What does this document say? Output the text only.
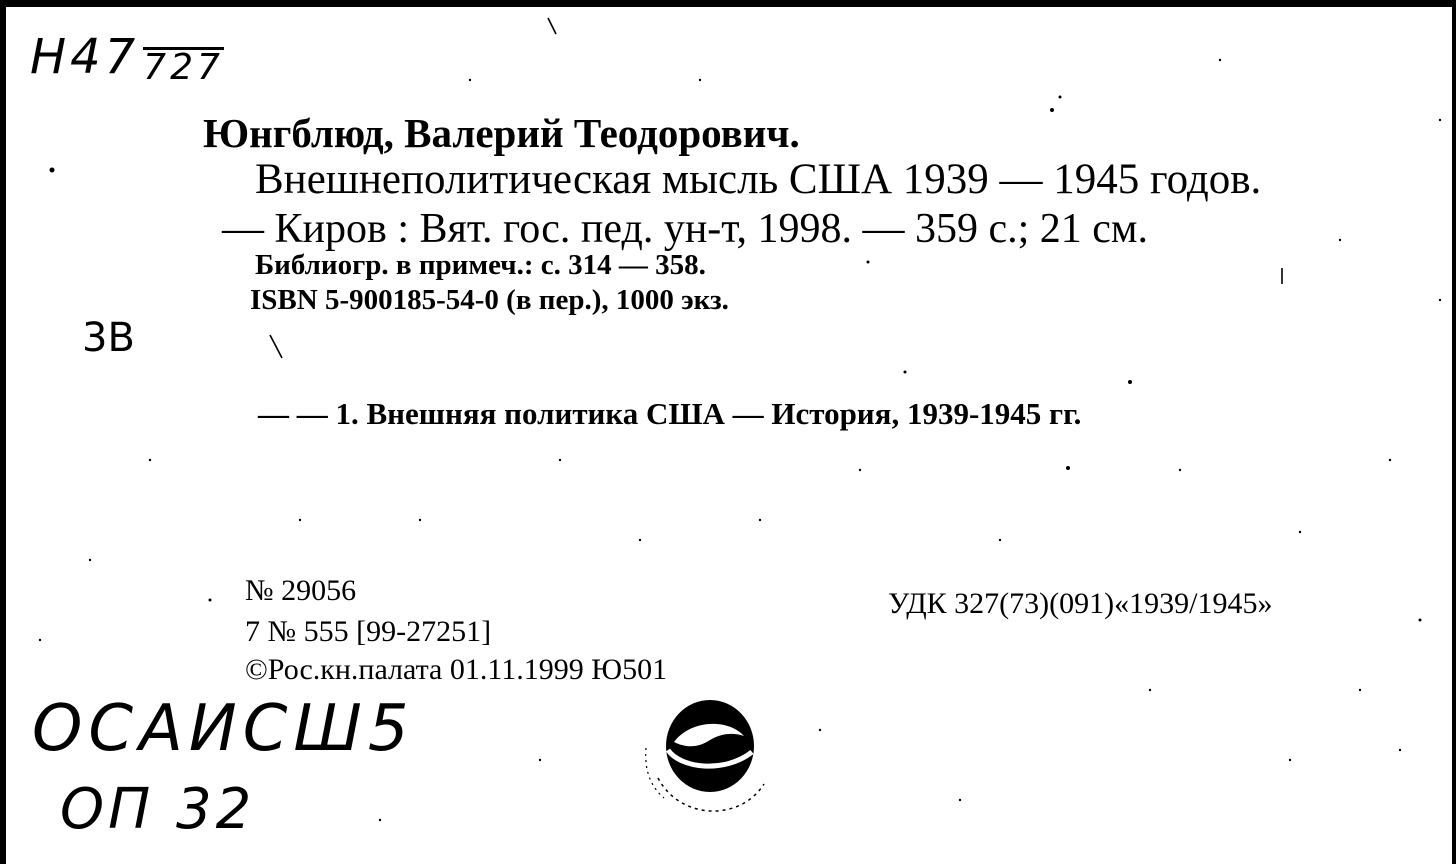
Н47 $^{727}$
Юнгблюд, Валерий Теодорович.
Внешнеполитическая мысль США 1939 — 1945 годов.
— Киров : Вят. гос. пед. ун-т, 1998. — 359 с.; 21 см.
Библиогр. в примеч.: с. 314 — 358.
ISBN 5-900185-54-0 (в пер.), 1000 экз.
3В
— — 1. Внешняя политика США — История, 1939-1945 гг.
№ 29056
7 № 555 [99-27251]
©Рос.кн.палата 01.11.1999 Ю501
УДК 327(73)(091)«1939/1945»
ОСАИСШ5
ОП 32
